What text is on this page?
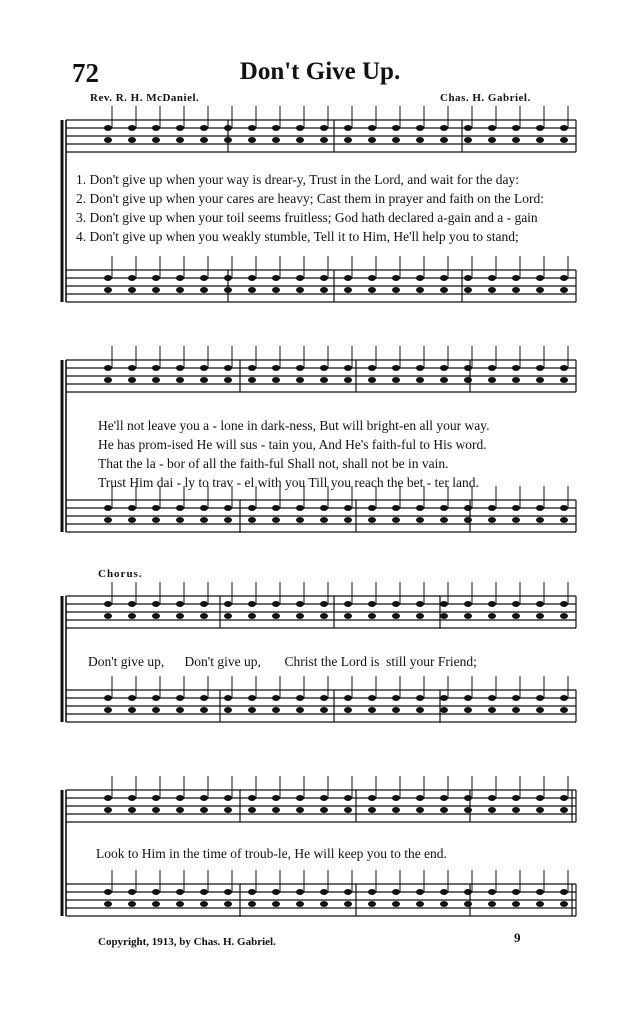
72	Don't Give Up.
Rev. R. H. McDaniel.	Chas. H. Gabriel.
1. Don't give up when your way is drear-y, Trust in the Lord, and wait for the day:
2. Don't give up when your cares are heavy; Cast them in prayer and faith on the Lord:
3. Don't give up when your toil seems fruitless; God hath declared a-gain and a - gain
4. Don't give up when you weakly stumble, Tell it to Him, He'll help you to stand;
He'll not leave you a - lone in dark-ness, But will bright-en all your way.
He has prom-ised He will sus - tain you, And He's faith-ful to His word.
That the la - bor of all the faith-ful Shall not, shall not be in vain.
Trust Him dai - ly to trav - el with you Till you reach the bet - ter land.
Chorus.
Don't give up,      Don't give up,       Christ the Lord is  still your Friend;
Look to Him in the time of troub-le, He will keep you to the end.
Copyright, 1913, by Chas. H. Gabriel.	9
